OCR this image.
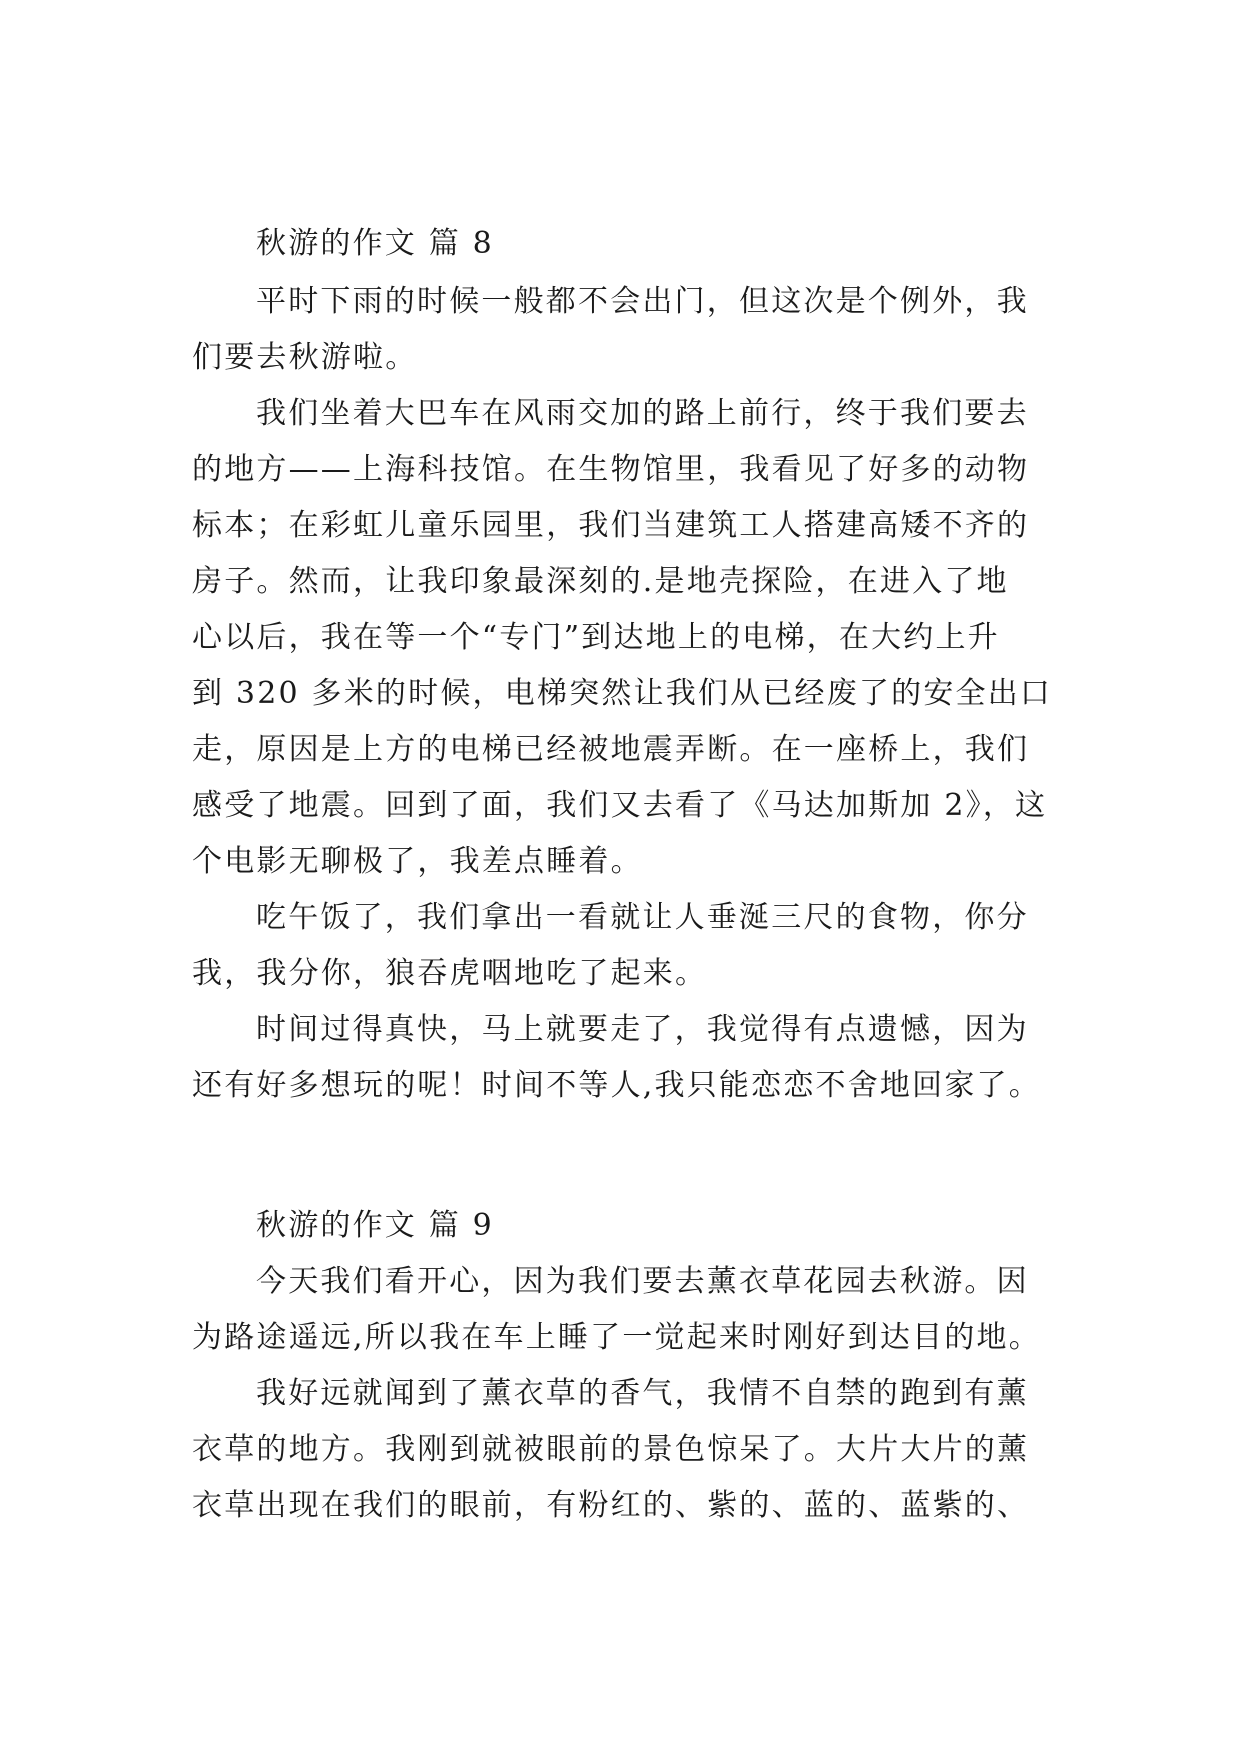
秋游的作文 篇 8
平时下雨的时候一般都不会出门，但这次是个例外，我
们要去秋游啦。
我们坐着大巴车在风雨交加的路上前行，终于我们要去
的地方——上海科技馆。在生物馆里，我看见了好多的动物
标本；在彩虹儿童乐园里，我们当建筑工人搭建高矮不齐的
房子。然而，让我印象最深刻的.是地壳探险，在进入了地
心以后，我在等一个“专门”到达地上的电梯，在大约上升
到 320 多米的时候，电梯突然让我们从已经废了的安全出口
走，原因是上方的电梯已经被地震弄断。在一座桥上，我们
感受了地震。回到了面，我们又去看了《马达加斯加 2》，这
个电影无聊极了，我差点睡着。
吃午饭了，我们拿出一看就让人垂涎三尺的食物，你分
我，我分你，狼吞虎咽地吃了起来。
时间过得真快，马上就要走了，我觉得有点遗憾，因为
还有好多想玩的呢！时间不等人,我只能恋恋不舍地回家了。
秋游的作文 篇 9
今天我们看开心，因为我们要去薰衣草花园去秋游。因
为路途遥远,所以我在车上睡了一觉起来时刚好到达目的地。
我好远就闻到了薰衣草的香气，我情不自禁的跑到有薰
衣草的地方。我刚到就被眼前的景色惊呆了。大片大片的薰
衣草出现在我们的眼前，有粉红的、紫的、蓝的、蓝紫的、
